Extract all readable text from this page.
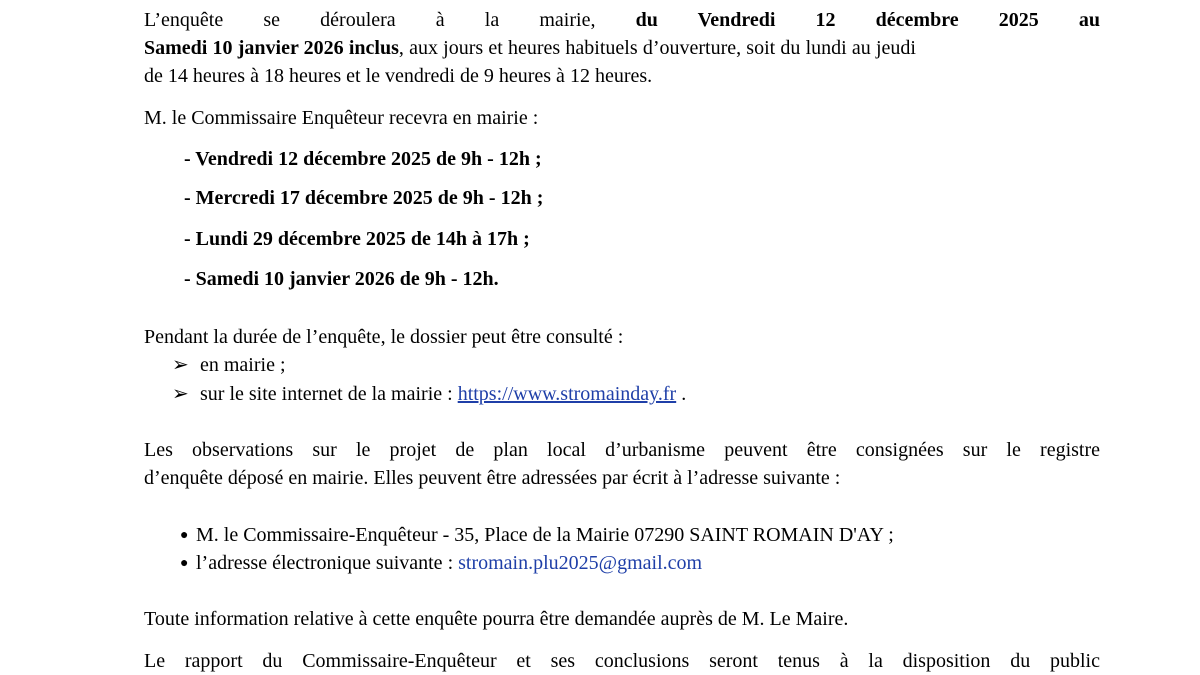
L’enquête se déroulera à la mairie, du Vendredi 12 décembre 2025 au
Samedi 10 janvier 2026 inclus, aux jours et heures habituels d’ouverture, soit du lundi au jeudi
de 14 heures à 18 heures et le vendredi de 9 heures à 12 heures.
M. le Commissaire Enquêteur recevra en mairie :
- Vendredi 12 décembre 2025 de 9h - 12h ;
- Mercredi 17 décembre 2025 de 9h - 12h ;
- Lundi 29 décembre 2025 de 14h à 17h ;
- Samedi 10 janvier 2026 de 9h - 12h.
Pendant la durée de l’enquête, le dossier peut être consulté :
➢ en mairie ;
➢ sur le site internet de la mairie : https://www.stromainday.fr .
Les observations sur le projet de plan local d’urbanisme peuvent être consignées sur le registre
d’enquête déposé en mairie. Elles peuvent être adressées par écrit à l’adresse suivante :
● M. le Commissaire-Enquêteur - 35, Place de la Mairie 07290 SAINT ROMAIN D'AY ;
● l’adresse électronique suivante : stromain.plu2025@gmail.com
Toute information relative à cette enquête pourra être demandée auprès de M. Le Maire.
Le rapport du Commissaire-Enquêteur et ses conclusions seront tenus à la disposition du public
